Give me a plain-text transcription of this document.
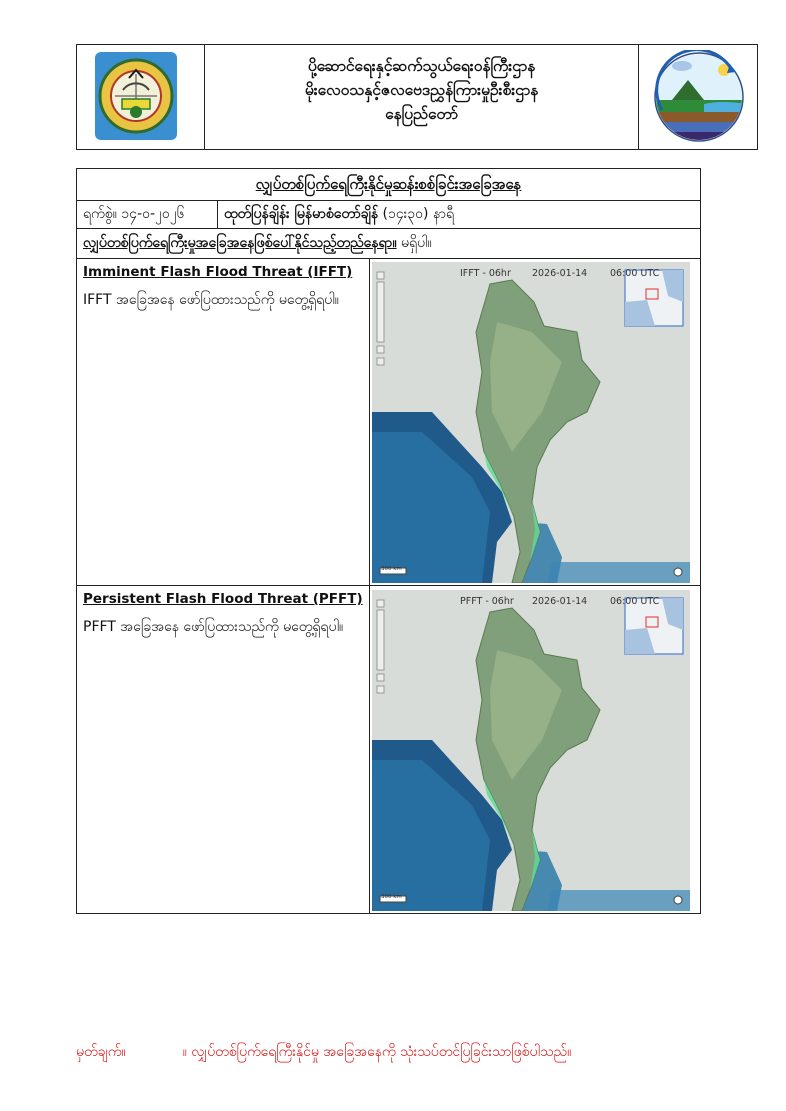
ပို့ဆောင်ရေးနှင့်ဆက်သွယ်ရေးဝန်ကြီးဌာန
မိုးလေဝသနှင့်ဇလဗေဒညွှန်ကြားမှုဦးစီးဌာန
နေပြည်တော်
လျှပ်တစ်ပြက်ရေကြီးနိုင်မှုဆန်းစစ်ခြင်းအခြေအနေ
ရက်စွဲ။ ၁၄-၀-၂၀၂၆	ထုတ်ပြန်ချိန်း မြန်မာစံတော်ချိန် (၁၄း၃၀) နာရီ
လျှပ်တစ်ပြက်ရေကြီးမှုအခြေအနေဖြစ်ပေါ်နိုင်သည့်တည်နေရာ။ မရှိပါ။
Imminent Flash Flood Threat (IFFT)
IFFT အခြေအနေ ဖော်ပြထားသည်ကို မတွေ့ရှိရပါ။
IFFT - 06hr 2026-01-14 06:00 UTC
300 km
Persistent Flash Flood Threat (PFFT)
PFFT အခြေအနေ ဖော်ပြထားသည်ကို မတွေ့ရှိရပါ။
PFFT - 06hr 2026-01-14 06:00 UTC
300 km
မှတ်ချက်။	။ လျှပ်တစ်ပြက်ရေကြီးနိုင်မှု အခြေအနေကို သုံးသပ်တင်ပြခြင်းသာဖြစ်ပါသည်။
